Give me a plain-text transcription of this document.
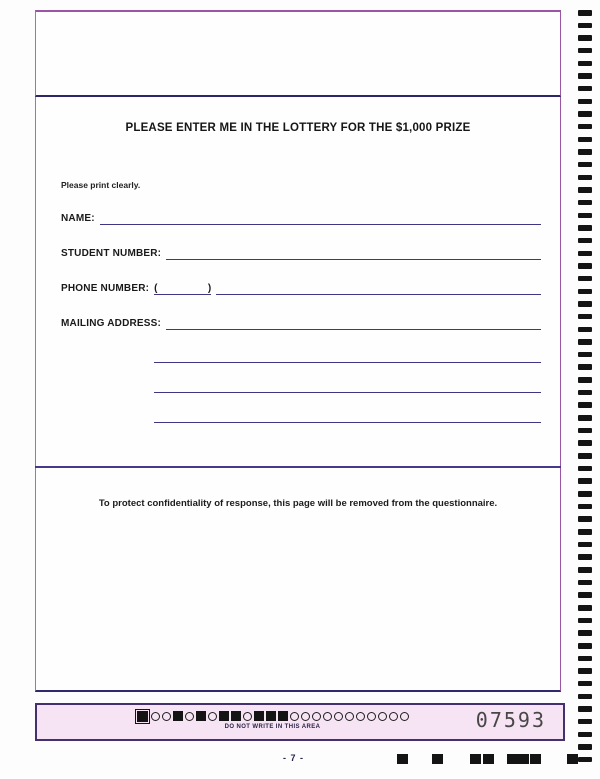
PLEASE ENTER ME IN THE LOTTERY FOR THE $1,000 PRIZE
Please print clearly.
NAME:
STUDENT NUMBER:
PHONE NUMBER: (	)
MAILING ADDRESS:
To protect confidentiality of response, this page will be removed from the questionnaire.
DO NOT WRITE IN THIS AREA	07593
- 7 -
